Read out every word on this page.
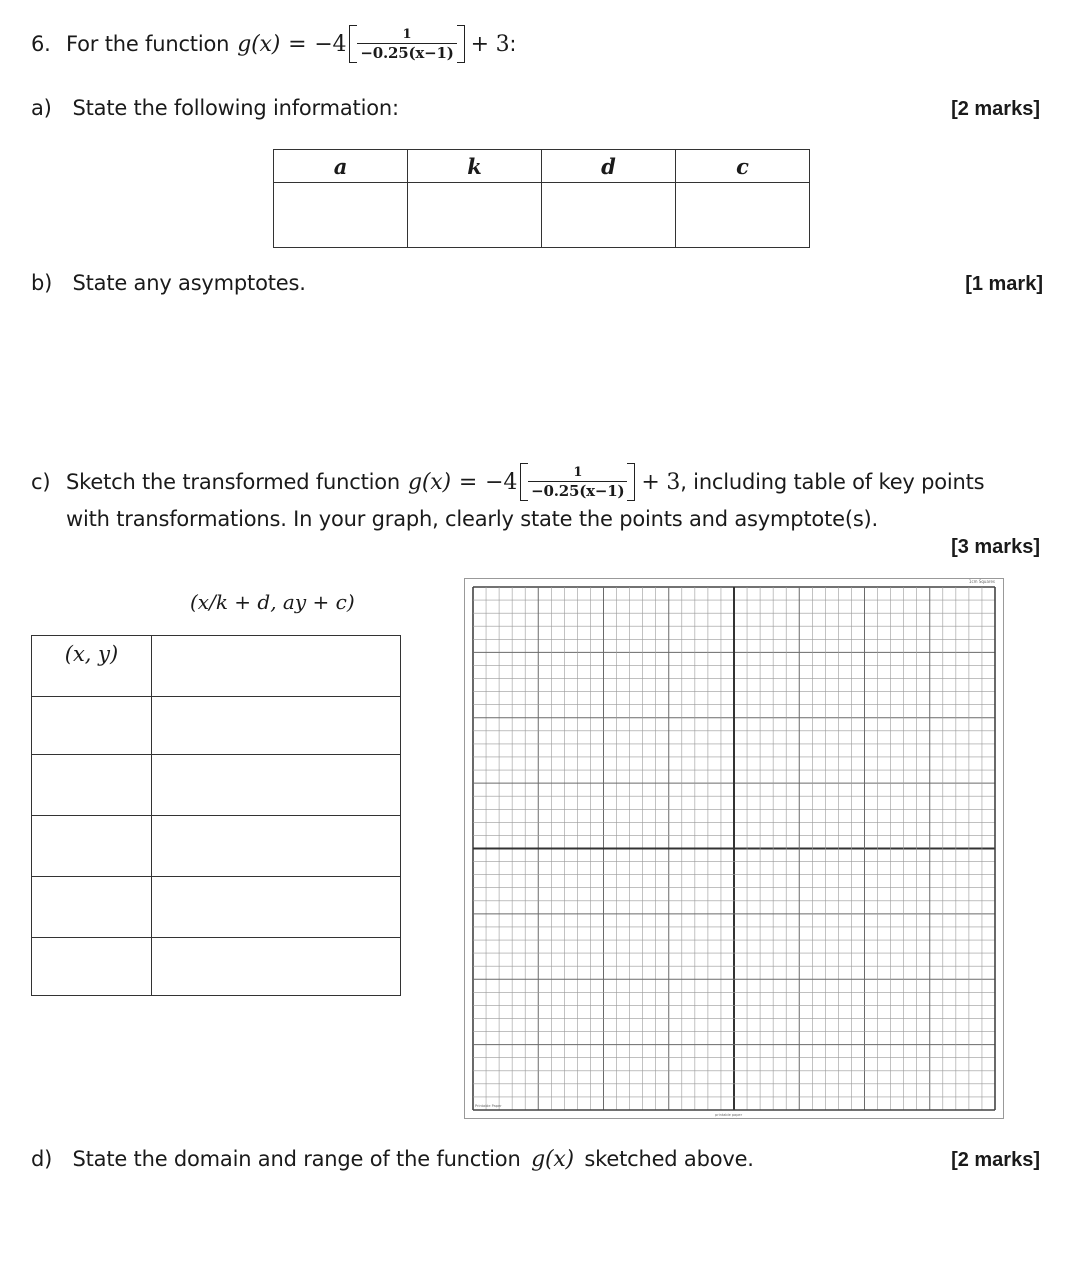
6. For the function $g(x) = -4 \frac{1}{-0.25(x-1)} + 3$ :
a) State the following information:	[2 marks]
a	k	d	c

b) State any asymptotes.	[1 mark]
c) Sketch the transformed function $g(x) = -4 \frac{1}{-0.25(x-1)} + 3$ , including table of key points
with transformations. In your graph, clearly state the points and asymptote(s).
[3 marks]
(x/k + d, ay + c)
(x, y)	

1cm Squares
Printable Paper
printable paper
d) State the domain and range of the function g(x) sketched above.	[2 marks]
